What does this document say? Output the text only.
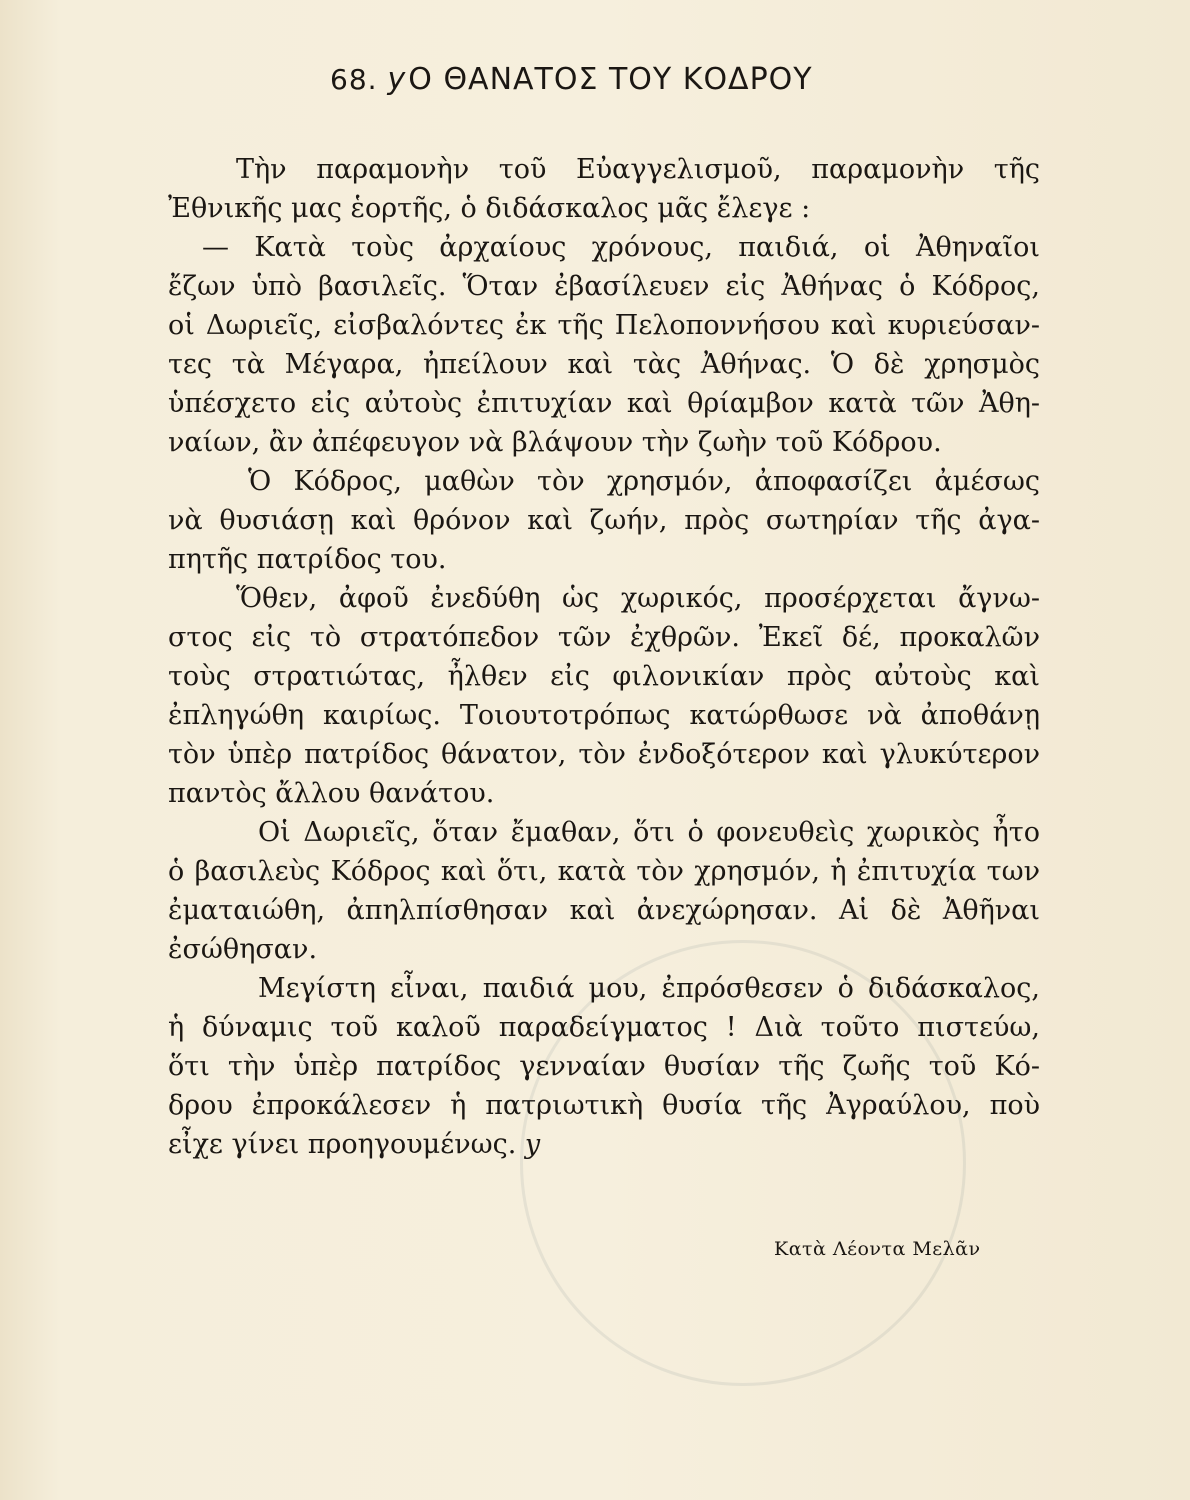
68. yΟ ΘΑΝΑΤΟΣ ΤΟΥ ΚΟΔΡΟΥ
Τὴν παραμονὴν τοῦ Εὐαγγελισμοῦ, παραμονὴν τῆς
Ἐθνικῆς μας ἑορτῆς, ὁ διδάσκαλος μᾶς ἔλεγε :
— Κατὰ τοὺς ἀρχαίους χρόνους, παιδιά, οἱ Ἀθηναῖοι
ἔζων ὑπὸ βασιλεῖς. Ὅταν ἐβασίλευεν εἰς Ἀθήνας ὁ Κόδρος,
οἱ Δωριεῖς, εἰσβαλόντες ἐκ τῆς Πελοποννήσου καὶ κυριεύσαν-
τες τὰ Μέγαρα, ἠπείλουν καὶ τὰς Ἀθήνας. Ὁ δὲ χρησμὸς
ὑπέσχετο εἰς αὐτοὺς ἐπιτυχίαν καὶ θρίαμβον κατὰ τῶν Ἀθη-
ναίων, ἂν ἀπέφευγον νὰ βλάψουν τὴν ζωὴν τοῦ Κόδρου.
Ὁ Κόδρος, μαθὼν τὸν χρησμόν, ἀποφασίζει ἀμέσως
νὰ θυσιάσῃ καὶ θρόνον καὶ ζωήν, πρὸς σωτηρίαν τῆς ἀγα-
πητῆς πατρίδος του.
Ὅθεν, ἀφοῦ ἐνεδύθη ὡς χωρικός, προσέρχεται ἄγνω-
στος εἰς τὸ στρατόπεδον τῶν ἐχθρῶν. Ἐκεῖ δέ, προκαλῶν
τοὺς στρατιώτας, ἦλθεν εἰς φιλονικίαν πρὸς αὐτοὺς καὶ
ἐπληγώθη καιρίως. Τοιουτοτρόπως κατώρθωσε νὰ ἀποθάνῃ
τὸν ὑπὲρ πατρίδος θάνατον, τὸν ἐνδοξότερον καὶ γλυκύτερον
παντὸς ἄλλου θανάτου.
Οἱ Δωριεῖς, ὅταν ἔμαθαν, ὅτι ὁ φονευθεὶς χωρικὸς ἦτο
ὁ βασιλεὺς Κόδρος καὶ ὅτι, κατὰ τὸν χρησμόν, ἡ ἐπιτυχία των
ἐματαιώθη, ἀπηλπίσθησαν καὶ ἀνεχώρησαν. Αἱ δὲ Ἀθῆναι
ἐσώθησαν.
Μεγίστη εἶναι, παιδιά μου, ἐπρόσθεσεν ὁ διδάσκαλος,
ἡ δύναμις τοῦ καλοῦ παραδείγματος ! Διὰ τοῦτο πιστεύω,
ὅτι τὴν ὑπὲρ πατρίδος γενναίαν θυσίαν τῆς ζωῆς τοῦ Κό-
δρου ἐπροκάλεσεν ἡ πατριωτικὴ θυσία τῆς Ἀγραύλου, ποὺ
εἶχε γίνει προηγουμένως. y
Κατὰ Λέοντα Μελᾶν
